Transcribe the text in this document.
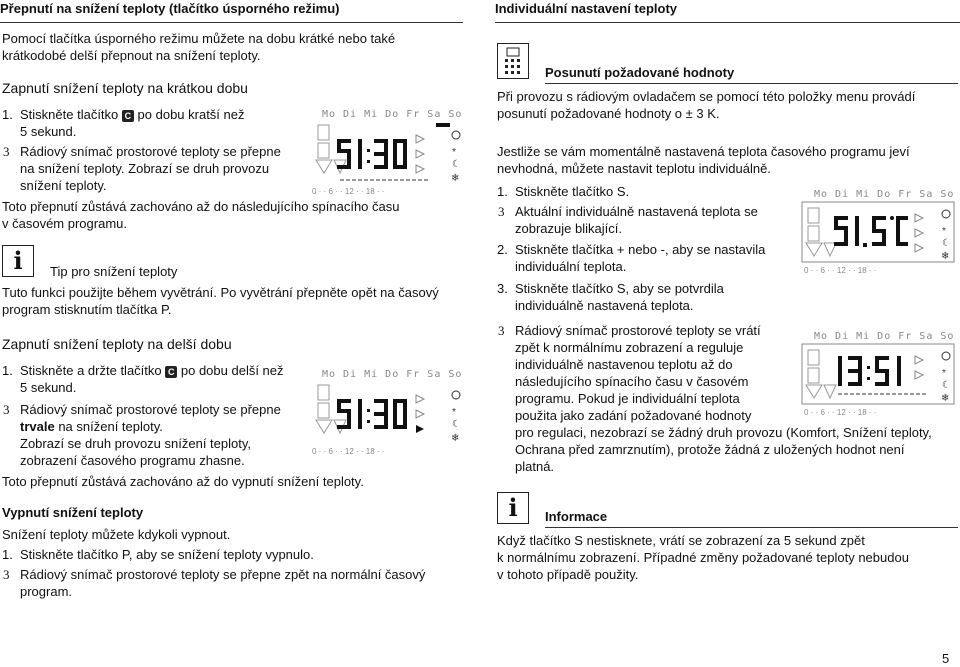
Přepnutí na snížení teploty (tlačítko úsporného režimu)
Pomocí tlačítka úsporného režimu můžete na dobu krátké nebo také
krátkodobé delší přepnout na snížení teploty.
Zapnutí snížení teploty na krátkou dobu
1. Stiskněte tlačítko C po dobu kratší než
5 sekund.
3 Rádiový snímač prostorové teploty se přepne
na snížení teploty. Zobrazí se druh provozu
snížení teploty.
Toto přepnutí zůstává zachováno až do následujícího spínacího času
v časovém programu.
Mo Di Mi Do Fr Sa So
*
☾
❄
0 · · 6 · · 12 · · 18 · ·
i	Tip pro snížení teploty
Tuto funkci použijte během vyvětrání. Po vyvětrání přepněte opět na časový
program stisknutím tlačítka P.
Zapnutí snížení teploty na delší dobu
1. Stiskněte a držte tlačítko C po dobu delší než
5 sekund.
3 Rádiový snímač prostorové teploty se přepne
trvale na snížení teploty.
Zobrazí se druh provozu snížení teploty,
zobrazení časového programu zhasne.
Toto přepnutí zůstává zachováno až do vypnutí snížení teploty.
Mo Di Mi Do Fr Sa So
*
☾
❄
0 · · 6 · · 12 · · 18 · ·
Vypnutí snížení teploty
Snížení teploty můžete kdykoli vypnout.
1. Stiskněte tlačítko P, aby se snížení teploty vypnulo.
3 Rádiový snímač prostorové teploty se přepne zpět na normální časový
program.
Individuální nastavení teploty
Posunutí požadované hodnoty
Při provozu s rádiovým ovladačem se pomocí této položky menu provádí
posunutí požadované hodnoty o ± 3 K.
Jestliže se vám momentálně nastavená teplota časového programu jeví
nevhodná, můžete nastavit teplotu individuálně.
1. Stiskněte tlačítko S.
3 Aktuální individuálně nastavená teplota se
zobrazuje blikající.
2. Stiskněte tlačítka + nebo -, aby se nastavila
individuální teplota.
3. Stiskněte tlačítko S, aby se potvrdila
individuálně nastavená teplota.
3 Rádiový snímač prostorové teploty se vrátí
zpět k normálnímu zobrazení a reguluje
individuálně nastavenou teplotu až do
následujícího spínacího času v časovém
programu. Pokud je individuální teplota
použita jako zadání požadované hodnoty
pro regulaci, nezobrazí se žádný druh provozu (Komfort, Snížení teploty,
Ochrana před zamrznutím), protože žádná z uložených hodnot není
platná.
Mo Di Mi Do Fr Sa So
*
☾
❄
0 · · 6 · · 12 · · 18 · ·
Mo Di Mi Do Fr Sa So
*
☾
❄
0 · · 6 · · 12 · · 18 · ·
i	Informace
Když tlačítko S nestisknete, vrátí se zobrazení za 5 sekund zpět
k normálnímu zobrazení. Případné změny požadované teploty nebudou
v tohoto případě použity.
5
